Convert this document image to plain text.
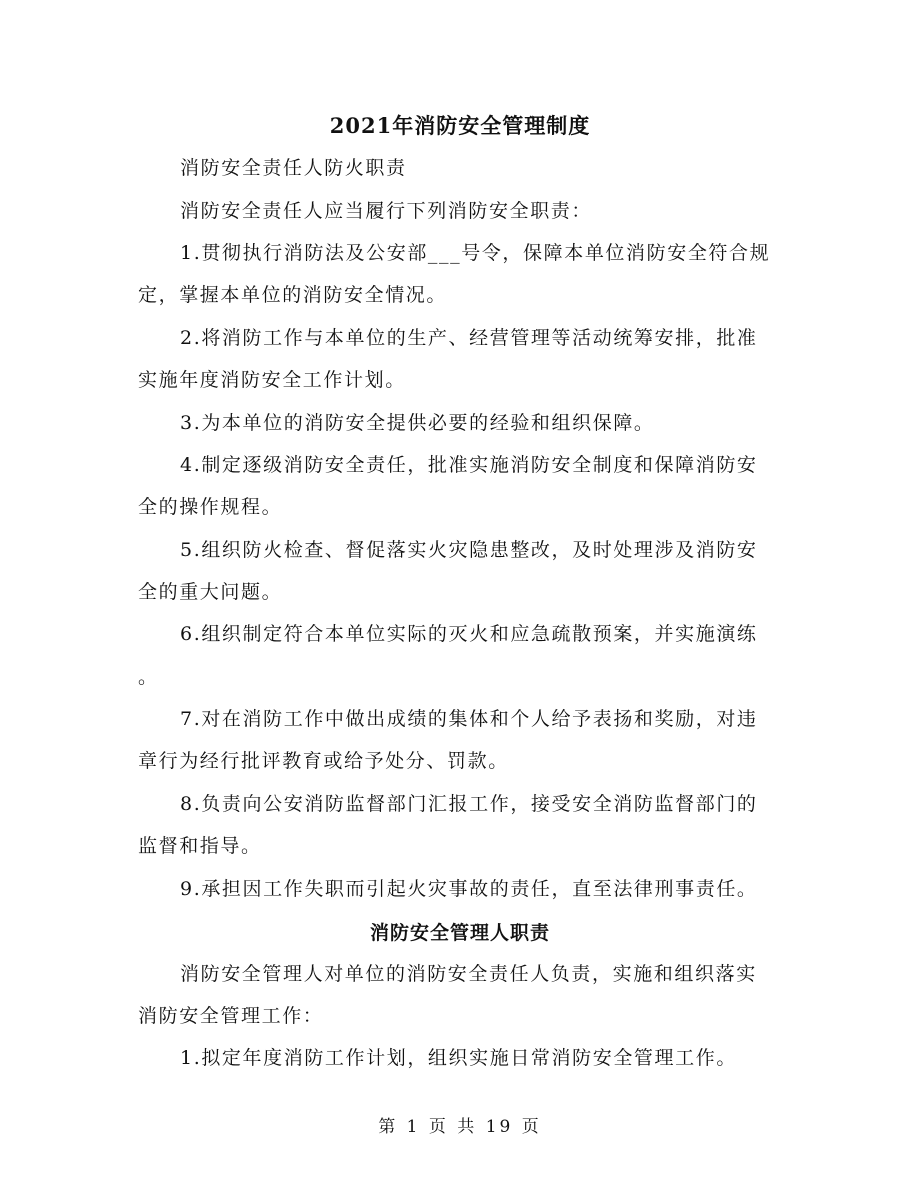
2021年消防安全管理制度
消防安全责任人防火职责
消防安全责任人应当履行下列消防安全职责：
1.贯彻执行消防法及公安部___号令，保障本单位消防安全符合规
定，掌握本单位的消防安全情况。
2.将消防工作与本单位的生产、经营管理等活动统筹安排，批准
实施年度消防安全工作计划。
3.为本单位的消防安全提供必要的经验和组织保障。
4.制定逐级消防安全责任，批准实施消防安全制度和保障消防安
全的操作规程。
5.组织防火检查、督促落实火灾隐患整改，及时处理涉及消防安
全的重大问题。
6.组织制定符合本单位实际的灭火和应急疏散预案，并实施演练
。
7.对在消防工作中做出成绩的集体和个人给予表扬和奖励，对违
章行为经行批评教育或给予处分、罚款。
8.负责向公安消防监督部门汇报工作，接受安全消防监督部门的
监督和指导。
9.承担因工作失职而引起火灾事故的责任，直至法律刑事责任。
消防安全管理人职责
消防安全管理人对单位的消防安全责任人负责，实施和组织落实
消防安全管理工作：
1.拟定年度消防工作计划，组织实施日常消防安全管理工作。
第 1 页 共 19 页
